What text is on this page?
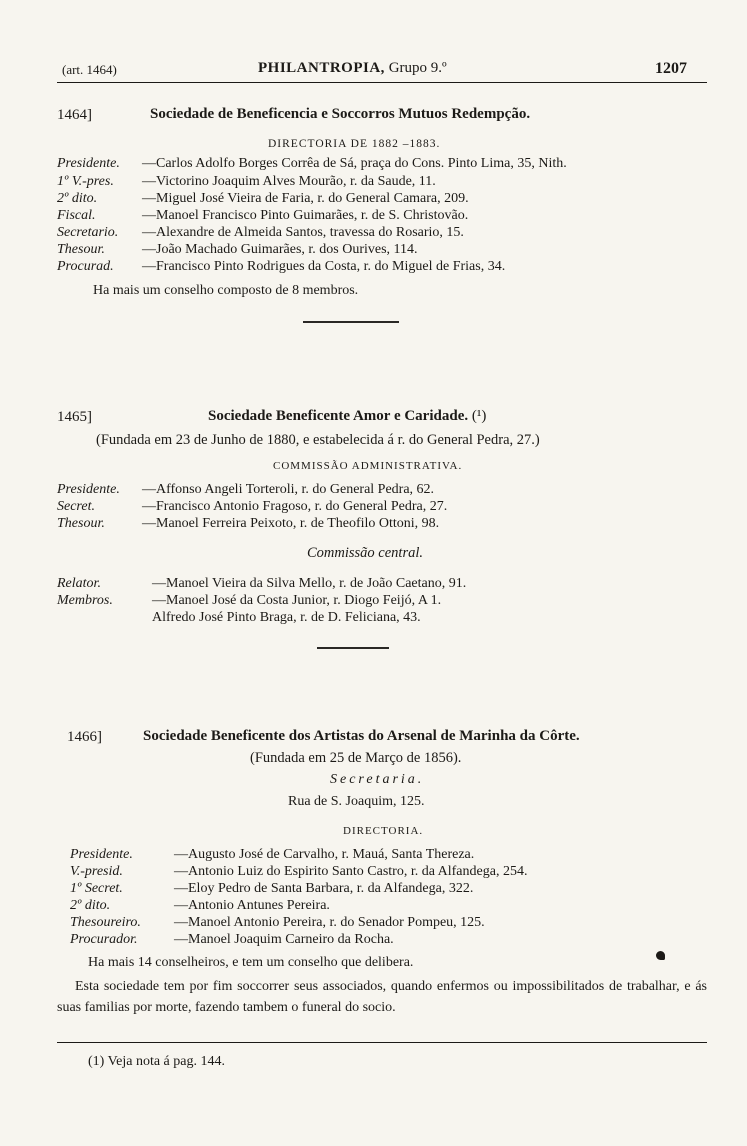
(art. 1464)	PHILANTROPIA, Grupo 9.º	1207
1464]	Sociedade de Beneficencia e Soccorros Mutuos Redempção.
DIRECTORIA DE 1882 –1883.
Presidente. —Carlos Adolfo Borges Corrêa de Sá, praça do Cons. Pinto Lima, 35, Nith.
1º V.-pres. —Victorino Joaquim Alves Mourão, r. da Saude, 11.
2º dito.	—Miguel José Vieira de Faria, r. do General Camara, 209.
Fiscal.	—Manoel Francisco Pinto Guimarães, r. de S. Christovão.
Secretario. —Alexandre de Almeida Santos, travessa do Rosario, 15.
Thesour.	—João Machado Guimarães, r. dos Ourives, 114.
Procurad. —Francisco Pinto Rodrigues da Costa, r. do Miguel de Frias, 34.
Ha mais um conselho composto de 8 membros.
1465]	Sociedade Beneficente Amor e Caridade. (¹)
(Fundada em 23 de Junho de 1880, e estabelecida á r. do General Pedra, 27.)
COMMISSÃO ADMINISTRATIVA.
Presidente. —Affonso Angeli Torteroli, r. do General Pedra, 62.
Secret.	—Francisco Antonio Fragoso, r. do General Pedra, 27.
Thesour.	—Manoel Ferreira Peixoto, r. de Theofilo Ottoni, 98.
Commissão central.
Relator.	—Manoel Vieira da Silva Mello, r. de João Caetano, 91.
Membros.	—Manoel José da Costa Junior, r. Diogo Feijó, A 1.
Alfredo José Pinto Braga, r. de D. Feliciana, 43.
1466]	Sociedade Beneficente dos Artistas do Arsenal de Marinha da Côrte.
(Fundada em 25 de Março de 1856).
Secretaria.
Rua de S. Joaquim, 125.
DIRECTORIA.
Presidente.	—Augusto José de Carvalho, r. Mauá, Santa Thereza.
V.-presid.	—Antonio Luiz do Espirito Santo Castro, r. da Alfandega, 254.
1º Secret.	—Eloy Pedro de Santa Barbara, r. da Alfandega, 322.
2º dito.	—Antonio Antunes Pereira.
Thesoureiro. —Manoel Antonio Pereira, r. do Senador Pompeu, 125.
Procurador.	—Manoel Joaquim Carneiro da Rocha.
Ha mais 14 conselheiros, e tem um conselho que delibera.
Esta sociedade tem por fim soccorrer seus associados, quando enfermos ou impossibilitados de trabalhar, e ás suas familias por morte, fazendo tambem o funeral do socio.
(1) Veja nota á pag. 144.
